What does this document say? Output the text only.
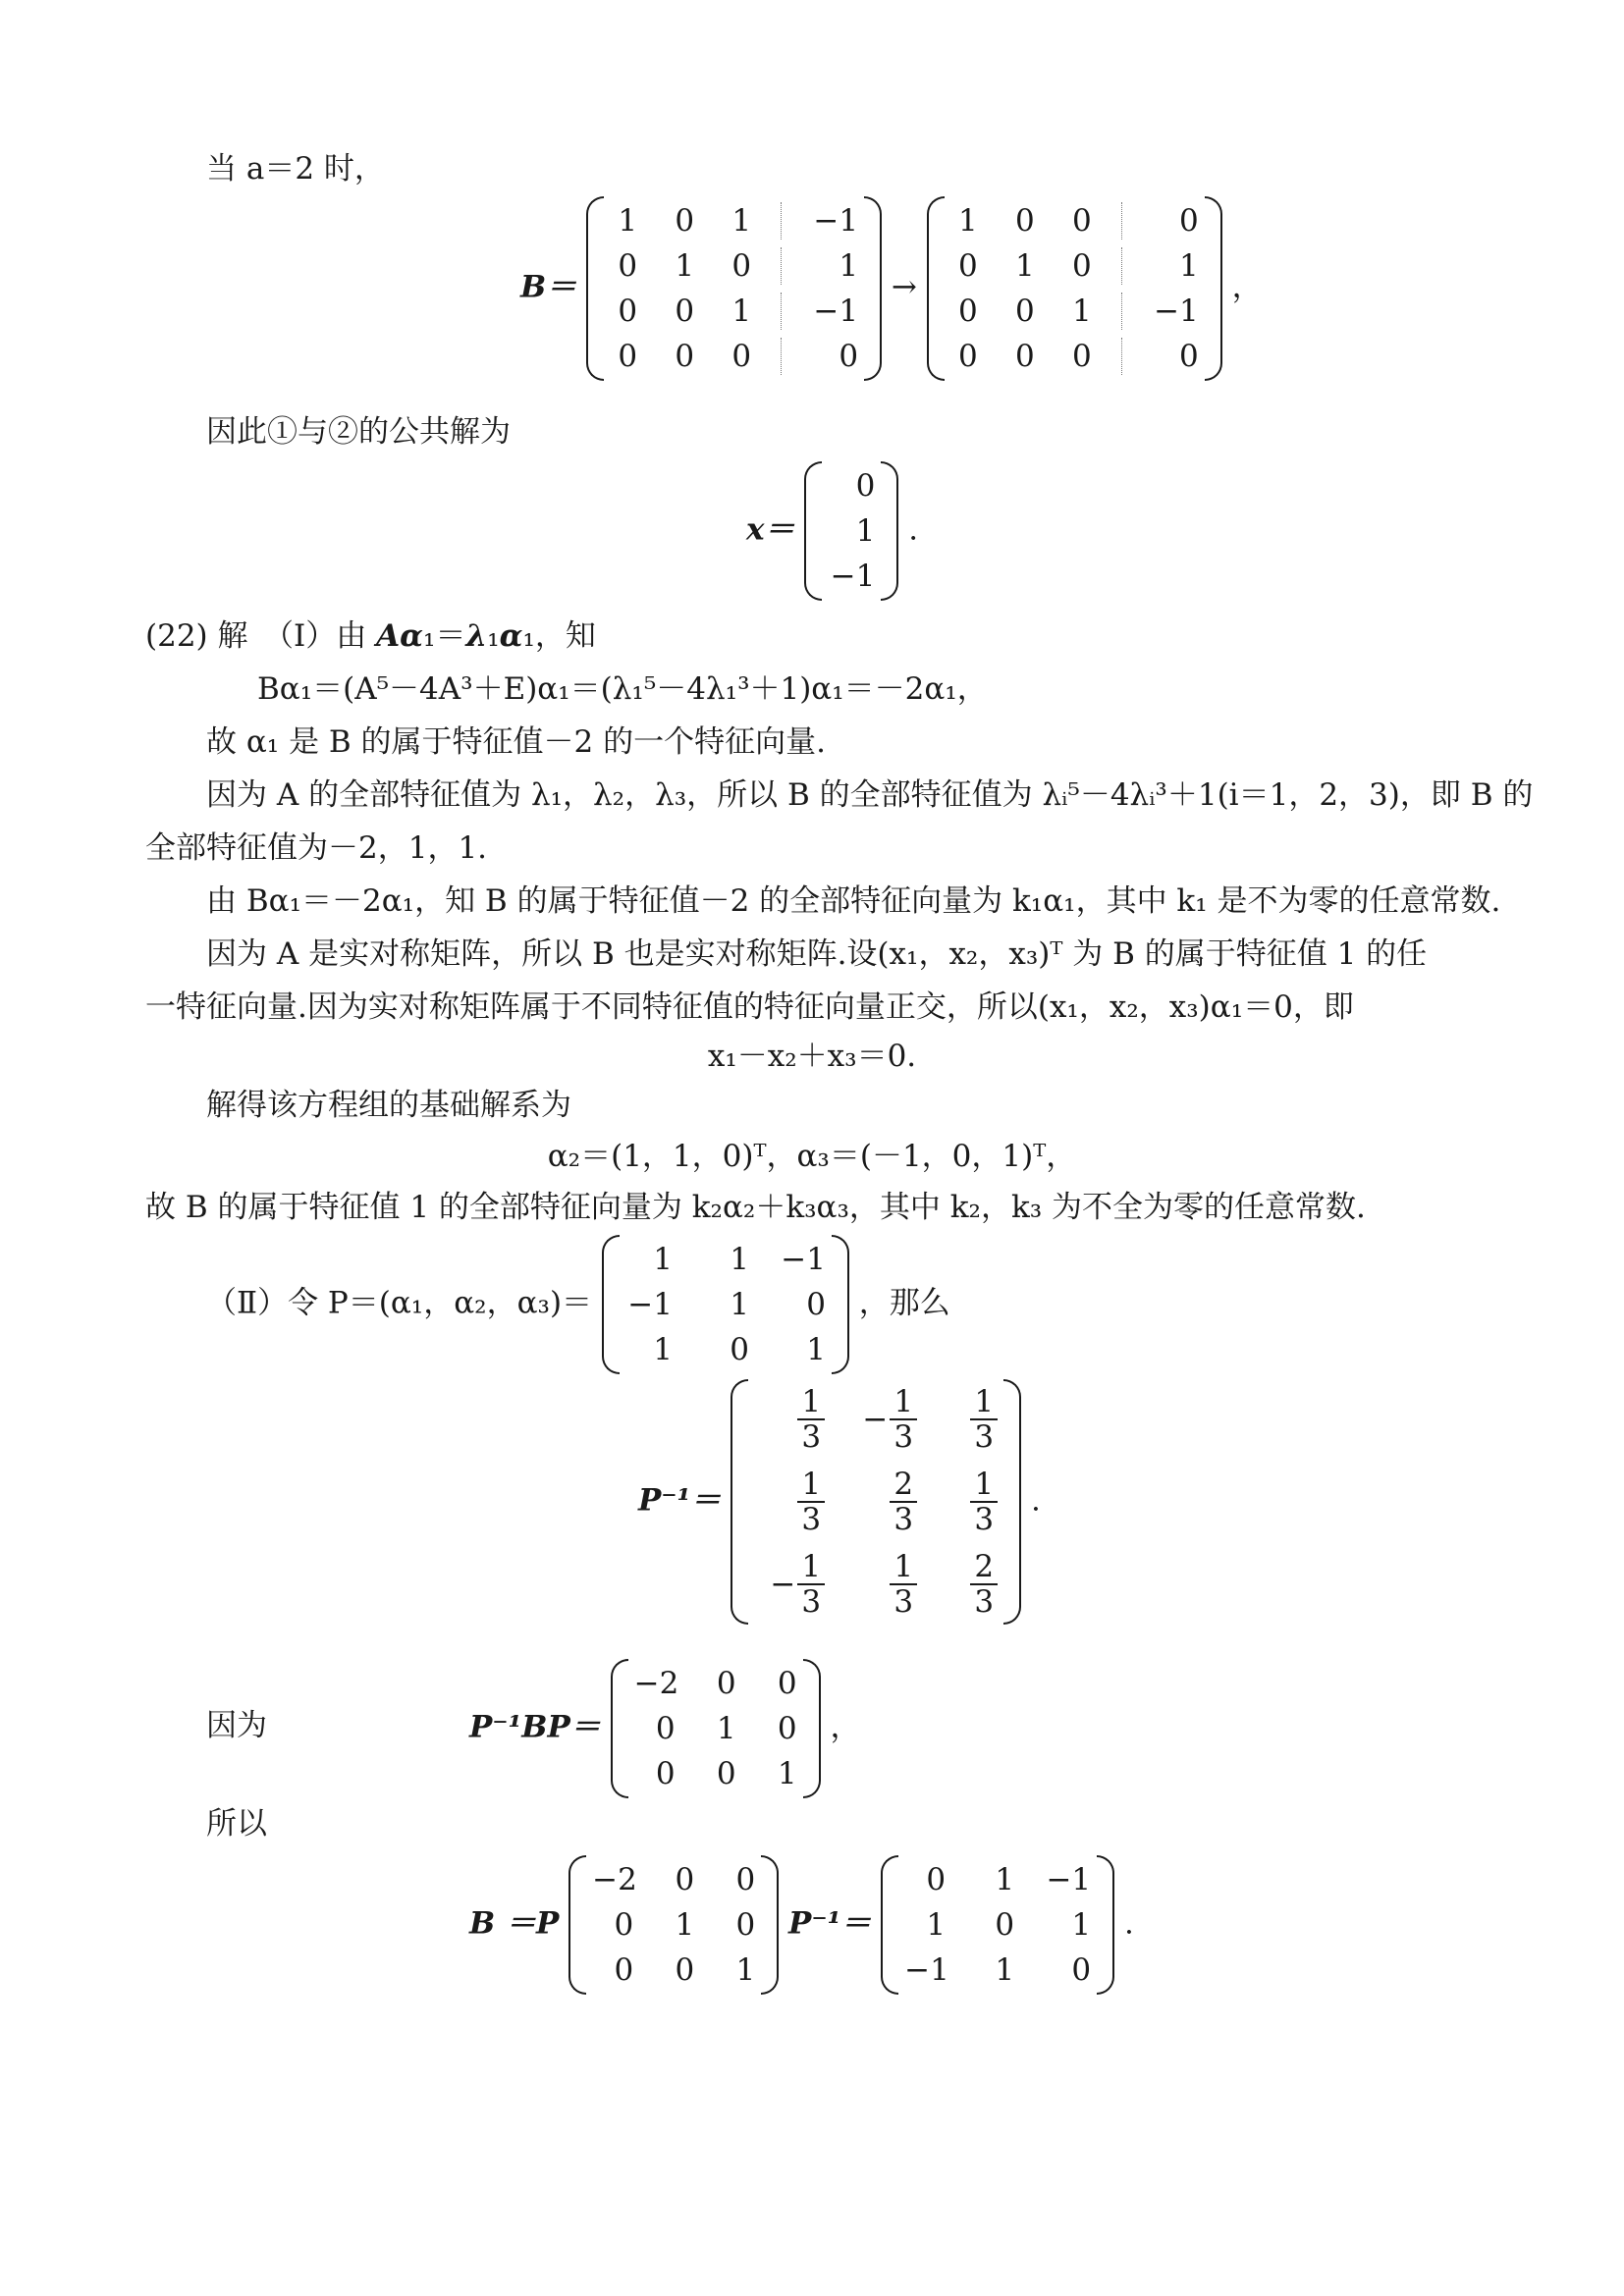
当 a＝2 时，
B＝
1 0 1 −1
0 1 0	1
0 0 1 −1
0 0 0	0
→
1 0 0	0
0 1 0	1
0 0 1 −1
0 0 0	0
，
因此①与②的公共解为
x＝
0
1
−1
.
(22) 解　（Ⅰ）由 Aα₁＝λ₁α₁，知
Bα₁＝(A⁵－4A³＋E)α₁＝(λ₁⁵－4λ₁³＋1)α₁＝－2α₁，
故 α₁ 是 B 的属于特征值－2 的一个特征向量.
因为 A 的全部特征值为 λ₁，λ₂，λ₃，所以 B 的全部特征值为 λᵢ⁵－4λᵢ³＋1(i＝1，2，3)，即 B 的
全部特征值为－2，1，1.
由 Bα₁＝－2α₁，知 B 的属于特征值－2 的全部特征向量为 k₁α₁，其中 k₁ 是不为零的任意常数.
因为 A 是实对称矩阵，所以 B 也是实对称矩阵.设(x₁，x₂，x₃)ᵀ 为 B 的属于特征值 1 的任
一特征向量.因为实对称矩阵属于不同特征值的特征向量正交，所以(x₁，x₂，x₃)α₁＝0，即
x₁－x₂＋x₃＝0.
解得该方程组的基础解系为
α₂＝(1，1，0)ᵀ，α₃＝(－1，0，1)ᵀ，
故 B 的属于特征值 1 的全部特征向量为 k₂α₂＋k₃α₃，其中 k₂，k₃ 为不全为零的任意常数.
（Ⅱ）令 P＝(α₁，α₂，α₃)＝
1	1 −1
−1	1	0
1	0	1
，那么
P⁻¹＝
$\frac{1}{3} - \frac{1}{3} \frac{1}{3}$
$\frac{1}{3} \frac{2}{3} \frac{1}{3}$
− $\frac{1}{3} \frac{1}{3} \frac{2}{3}$
.
因为	P⁻¹BP＝
−2	0	0
0	1	0
0	0	1
，
所以
B ＝P
−2	0	0
0	1	0
0	0	1
P⁻¹＝
0	1 −1
1	0	1
−1	1	0
.
